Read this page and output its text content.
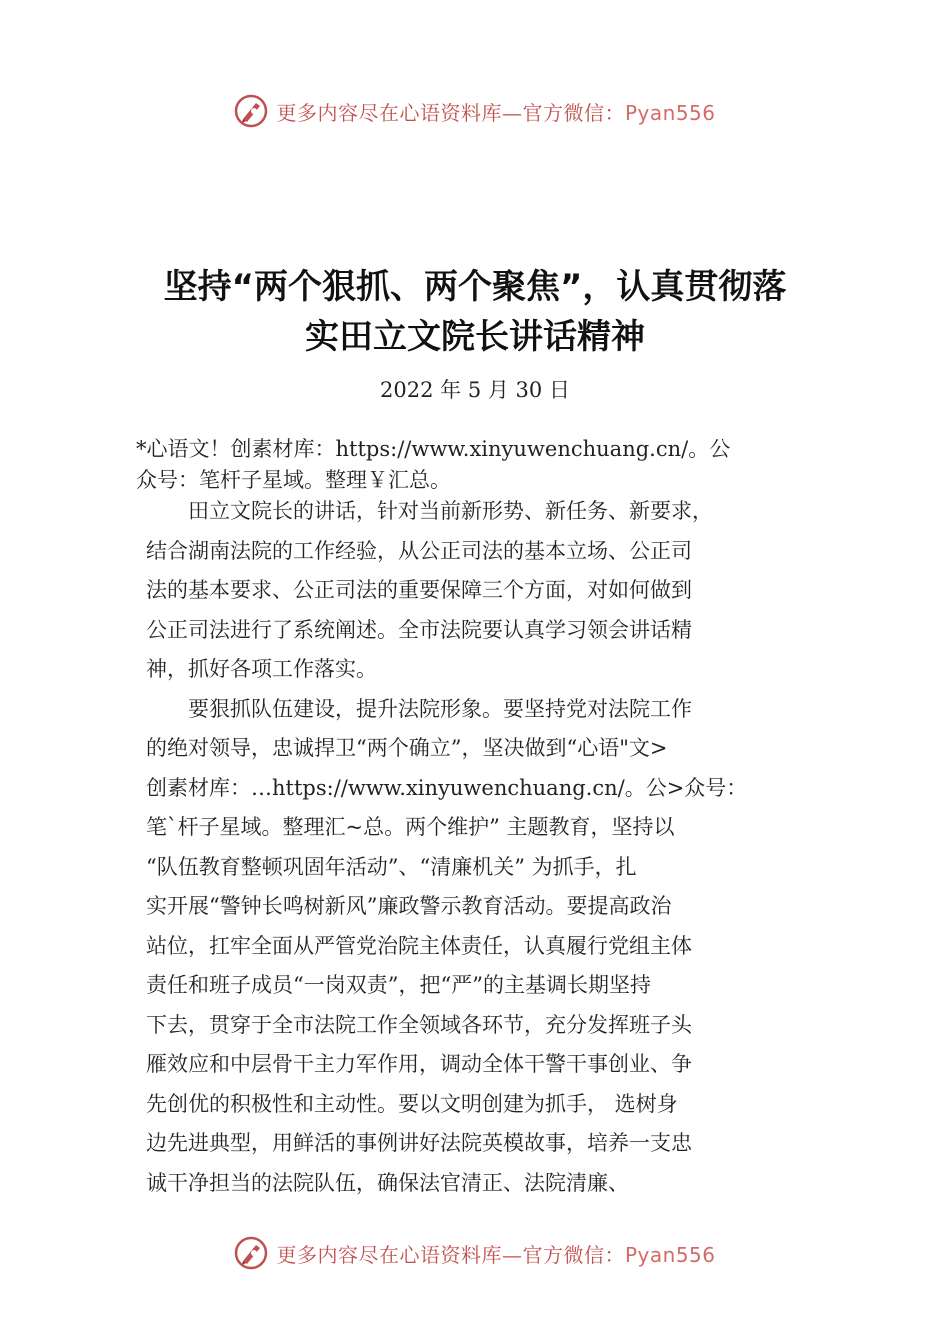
更多内容尽在心语资料库—官方微信：Pyan556
坚持“两个狠抓、两个聚焦”，认真贯彻落
实田立文院长讲话精神
2022 年 5 月 30 日
*心语文！创素材库：https://www.xinyuwenchuang.cn/。公
众号：笔杆子星域。整理￥汇总。
　　田立文院长的讲话，针对当前新形势、新任务、新要求，
结合湖南法院的工作经验，从公正司法的基本立场、公正司
法的基本要求、公正司法的重要保障三个方面，对如何做到
公正司法进行了系统阐述。全市法院要认真学习领会讲话精
神，抓好各项工作落实。
　　要狠抓队伍建设，提升法院形象。要坚持党对法院工作
的绝对领导，忠诚捍卫“两个确立”，坚决做到“心语"文>
创素材库：…https://www.xinyuwenchuang.cn/。公>众号：
笔`杆子星域。整理汇~总。两个维护” 主题教育，坚持以
“队伍教育整顿巩固年活动”、“清廉机关” 为抓手，扎
实开展“警钟长鸣树新风”廉政警示教育活动。要提高政治
站位，扛牢全面从严管党治院主体责任，认真履行党组主体
责任和班子成员“一岗双责”，把“严”的主基调长期坚持
下去，贯穿于全市法院工作全领域各环节，充分发挥班子头
雁效应和中层骨干主力军作用，调动全体干警干事创业、争
先创优的积极性和主动性。要以文明创建为抓手， 选树身
边先进典型，用鲜活的事例讲好法院英模故事，培养一支忠
诚干净担当的法院队伍，确保法官清正、法院清廉、
更多内容尽在心语资料库—官方微信：Pyan556
